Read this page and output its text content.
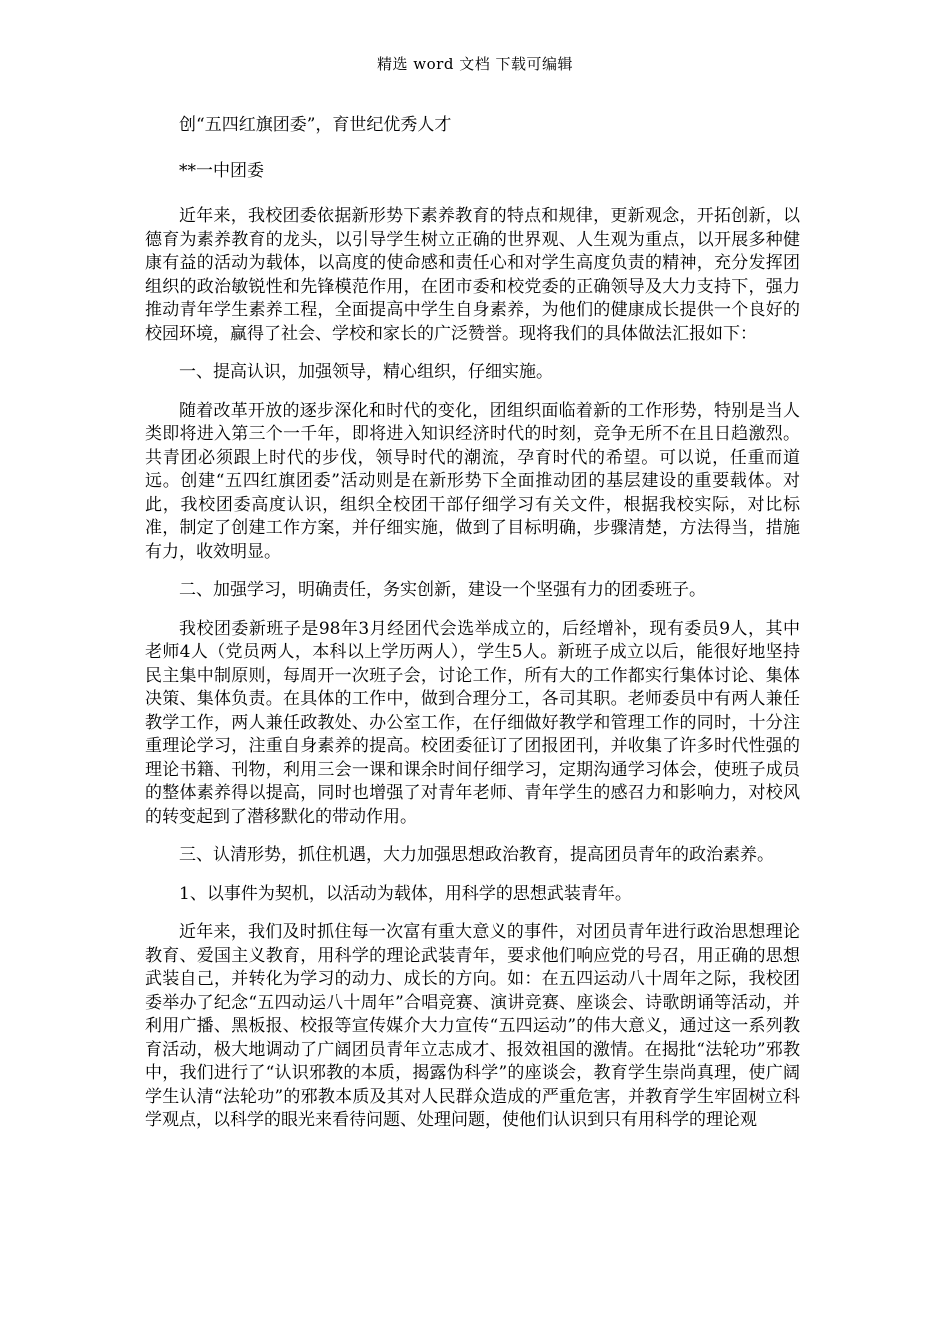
精选 word 文档 下载可编辑

创“五四红旗团委”，育世纪优秀人才

**一中团委

近年来，我校团委依据新形势下素养教育的特点和规律，更新观念，开拓创新，以德育为素养教育的龙头，以引导学生树立正确的世界观、人生观为重点，以开展多种健康有益的活动为载体，以高度的使命感和责任心和对学生高度负责的精神，充分发挥团组织的政治敏锐性和先锋模范作用，在团市委和校党委的正确领导及大力支持下，强力推动青年学生素养工程，全面提高中学生自身素养，为他们的健康成长提供一个良好的校园环境，赢得了社会、学校和家长的广泛赞誉。现将我们的具体做法汇报如下：

一、提高认识，加强领导，精心组织，仔细实施。

随着改革开放的逐步深化和时代的变化，团组织面临着新的工作形势，特别是当人类即将进入第三个一千年，即将进入知识经济时代的时刻，竞争无所不在且日趋激烈。共青团必须跟上时代的步伐，领导时代的潮流，孕育时代的希望。可以说，任重而道远。创建“五四红旗团委”活动则是在新形势下全面推动团的基层建设的重要载体。对此，我校团委高度认识，组织全校团干部仔细学习有关文件，根据我校实际，对比标准，制定了创建工作方案，并仔细实施，做到了目标明确，步骤清楚，方法得当，措施有力，收效明显。

二、加强学习，明确责任，务实创新，建设一个坚强有力的团委班子。

我校团委新班子是98年3月经团代会选举成立的，后经增补，现有委员9人，其中老师4人（党员两人，本科以上学历两人），学生5人。新班子成立以后，能很好地坚持民主集中制原则，每周开一次班子会，讨论工作，所有大的工作都实行集体讨论、集体决策、集体负责。在具体的工作中，做到合理分工，各司其职。老师委员中有两人兼任教学工作，两人兼任政教处、办公室工作，在仔细做好教学和管理工作的同时，十分注重理论学习，注重自身素养的提高。校团委征订了团报团刊，并收集了许多时代性强的理论书籍、刊物，利用三会一课和课余时间仔细学习，定期沟通学习体会，使班子成员的整体素养得以提高，同时也增强了对青年老师、青年学生的感召力和影响力，对校风的转变起到了潜移默化的带动作用。

三、认清形势，抓住机遇，大力加强思想政治教育，提高团员青年的政治素养。

1、以事件为契机，以活动为载体，用科学的思想武装青年。

近年来，我们及时抓住每一次富有重大意义的事件，对团员青年进行政治思想理论教育、爱国主义教育，用科学的理论武装青年，要求他们响应党的号召，用正确的思想武装自己，并转化为学习的动力、成长的方向。如：在五四运动八十周年之际，我校团委举办了纪念“五四动运八十周年”合唱竞赛、演讲竞赛、座谈会、诗歌朗诵等活动，并利用广播、黑板报、校报等宣传媒介大力宣传“五四运动”的伟大意义，通过这一系列教育活动，极大地调动了广阔团员青年立志成才、报效祖国的激情。在揭批“法轮功”邪教中，我们进行了“认识邪教的本质，揭露伪科学”的座谈会，教育学生崇尚真理，使广阔学生认清“法轮功”的邪教本质及其对人民群众造成的严重危害，并教育学生牢固树立科学观点，以科学的眼光来看待问题、处理问题，使他们认识到只有用科学的理论观
